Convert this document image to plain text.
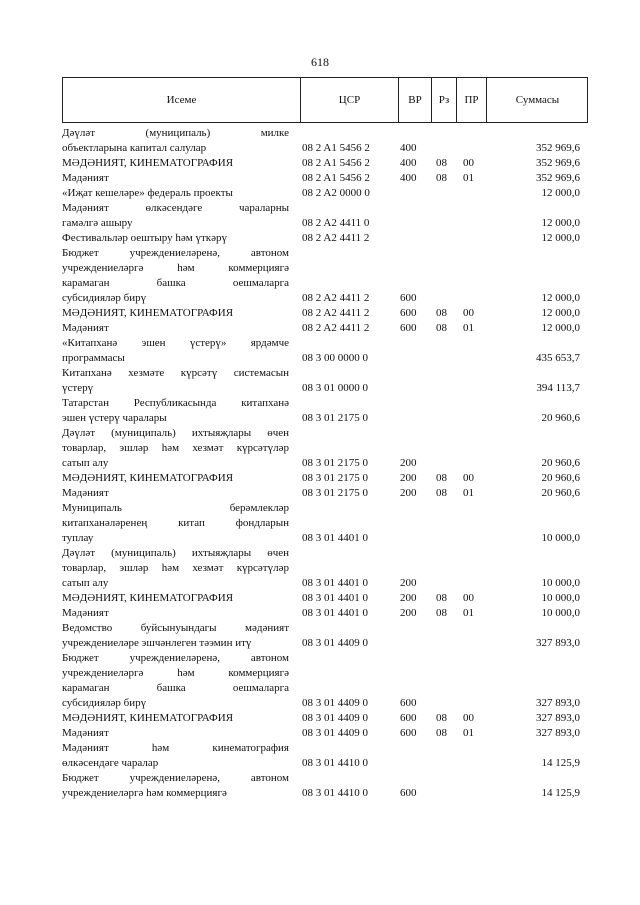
618
Исеме	ЦСР	ВР	Рз	ПР	Суммасы
Дәүләт (муниципаль) милке
объектларына капитал салулар	08 2 A1 5456 2	400	352 969,6
МӘДӘНИЯТ, КИНЕМАТОГРАФИЯ	08 2 A1 5456 2	400 08 00	352 969,6
Мәдәният	08 2 A1 5456 2	400 08 01	352 969,6
«Иҗат кешеләре» федераль проекты	08 2 A2 0000 0	12 000,0
Мәдәният өлкәсендәге чараларны
гамәлгә ашыру	08 2 A2 4411 0	12 000,0
Фестивальләр оештыру һәм үткәрү	08 2 A2 4411 2	12 000,0
Бюджет учреждениеләренә, автоном
учреждениеләргә һәм коммерциягә
карамаган башка оешмаларга
субсидияләр бирү	08 2 A2 4411 2	600	12 000,0
МӘДӘНИЯТ, КИНЕМАТОГРАФИЯ	08 2 A2 4411 2	600 08 00	12 000,0
Мәдәният	08 2 A2 4411 2	600 08 01	12 000,0
«Китапханә эшен үстерү» ярдәмче
программасы	08 3 00 0000 0	435 653,7
Китапханә хезмәте күрсәтү системасын
үстерү	08 3 01 0000 0	394 113,7
Татарстан Республикасында китапханә
эшен үстерү чаралары	08 3 01 2175 0	20 960,6
Дәүләт (муниципаль) ихтыяҗлары өчен
товарлар, эшләр һәм хезмәт күрсәтүләр
сатып алу	08 3 01 2175 0	200	20 960,6
МӘДӘНИЯТ, КИНЕМАТОГРАФИЯ	08 3 01 2175 0	200 08 00	20 960,6
Мәдәният	08 3 01 2175 0	200 08 01	20 960,6
Муниципаль берәмлекләр
китапханәләренең китап фондларын
туплау	08 3 01 4401 0	10 000,0
Дәүләт (муниципаль) ихтыяҗлары өчен
товарлар, эшләр һәм хезмәт күрсәтүләр
сатып алу	08 3 01 4401 0	200	10 000,0
МӘДӘНИЯТ, КИНЕМАТОГРАФИЯ	08 3 01 4401 0	200 08 00	10 000,0
Мәдәният	08 3 01 4401 0	200 08 01	10 000,0
Ведомство буйсынуындагы мәдәният
учреждениеләре эшчәнлеген тәэмин итү	08 3 01 4409 0	327 893,0
Бюджет учреждениеләренә, автоном
учреждениеләргә һәм коммерциягә
карамаган башка оешмаларга
субсидияләр бирү	08 3 01 4409 0	600	327 893,0
МӘДӘНИЯТ, КИНЕМАТОГРАФИЯ	08 3 01 4409 0	600 08 00	327 893,0
Мәдәният	08 3 01 4409 0	600 08 01	327 893,0
Мәдәният һәм кинематография
өлкәсендәге чаралар	08 3 01 4410 0	14 125,9
Бюджет учреждениеләренә, автоном
учреждениеләргә һәм коммерциягә	08 3 01 4410 0	600	14 125,9
